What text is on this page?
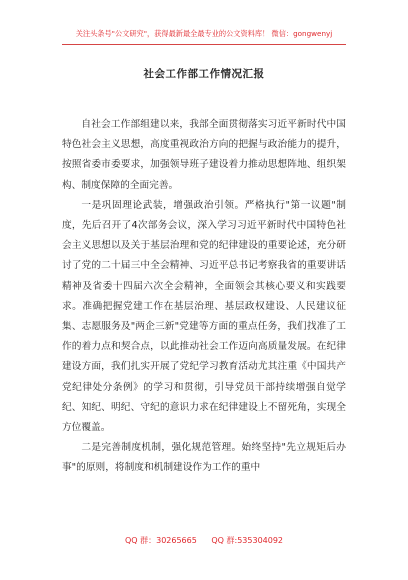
关注头条号"公文研究"，获得最新最全最专业的公文资料库！ 微信：gongwenyj
社会工作部工作情况汇报

自社会工作部组建以来，我部全面贯彻落实习近平新时代中国特色社会主义思想，高度重视政治方向的把握与政治能力的提升，按照省委市委要求，加强领导班子建设着力推动思想阵地、组织架构、制度保障的全面完善。

一是巩固理论武装，增强政治引领。严格执行"第一议题"制度，先后召开了4次部务会议，深入学习习近平新时代中国特色社会主义思想以及关于基层治理和党的纪律建设的重要论述，充分研讨了党的二十届三中全会精神、习近平总书记考察我省的重要讲话精神及省委十四届六次全会精神，全面领会其核心要义和实践要求。准确把握党建工作在基层治理、基层政权建设、人民建议征集、志愿服务及"两企三新"党建等方面的重点任务，我们找准了工作的着力点和契合点，以此推动社会工作迈向高质量发展。在纪律建设方面，我们扎实开展了党纪学习教育活动尤其注重《中国共产党纪律处分条例》的学习和贯彻，引导党员干部持续增强自觉学纪、知纪、明纪、守纪的意识力求在纪律建设上不留死角，实现全方位覆盖。

二是完善制度机制，强化规范管理。始终坚持"先立规矩后办事"的原则，将制度和机制建设作为工作的重中

QQ 群：30265665 QQ 群:535304092
